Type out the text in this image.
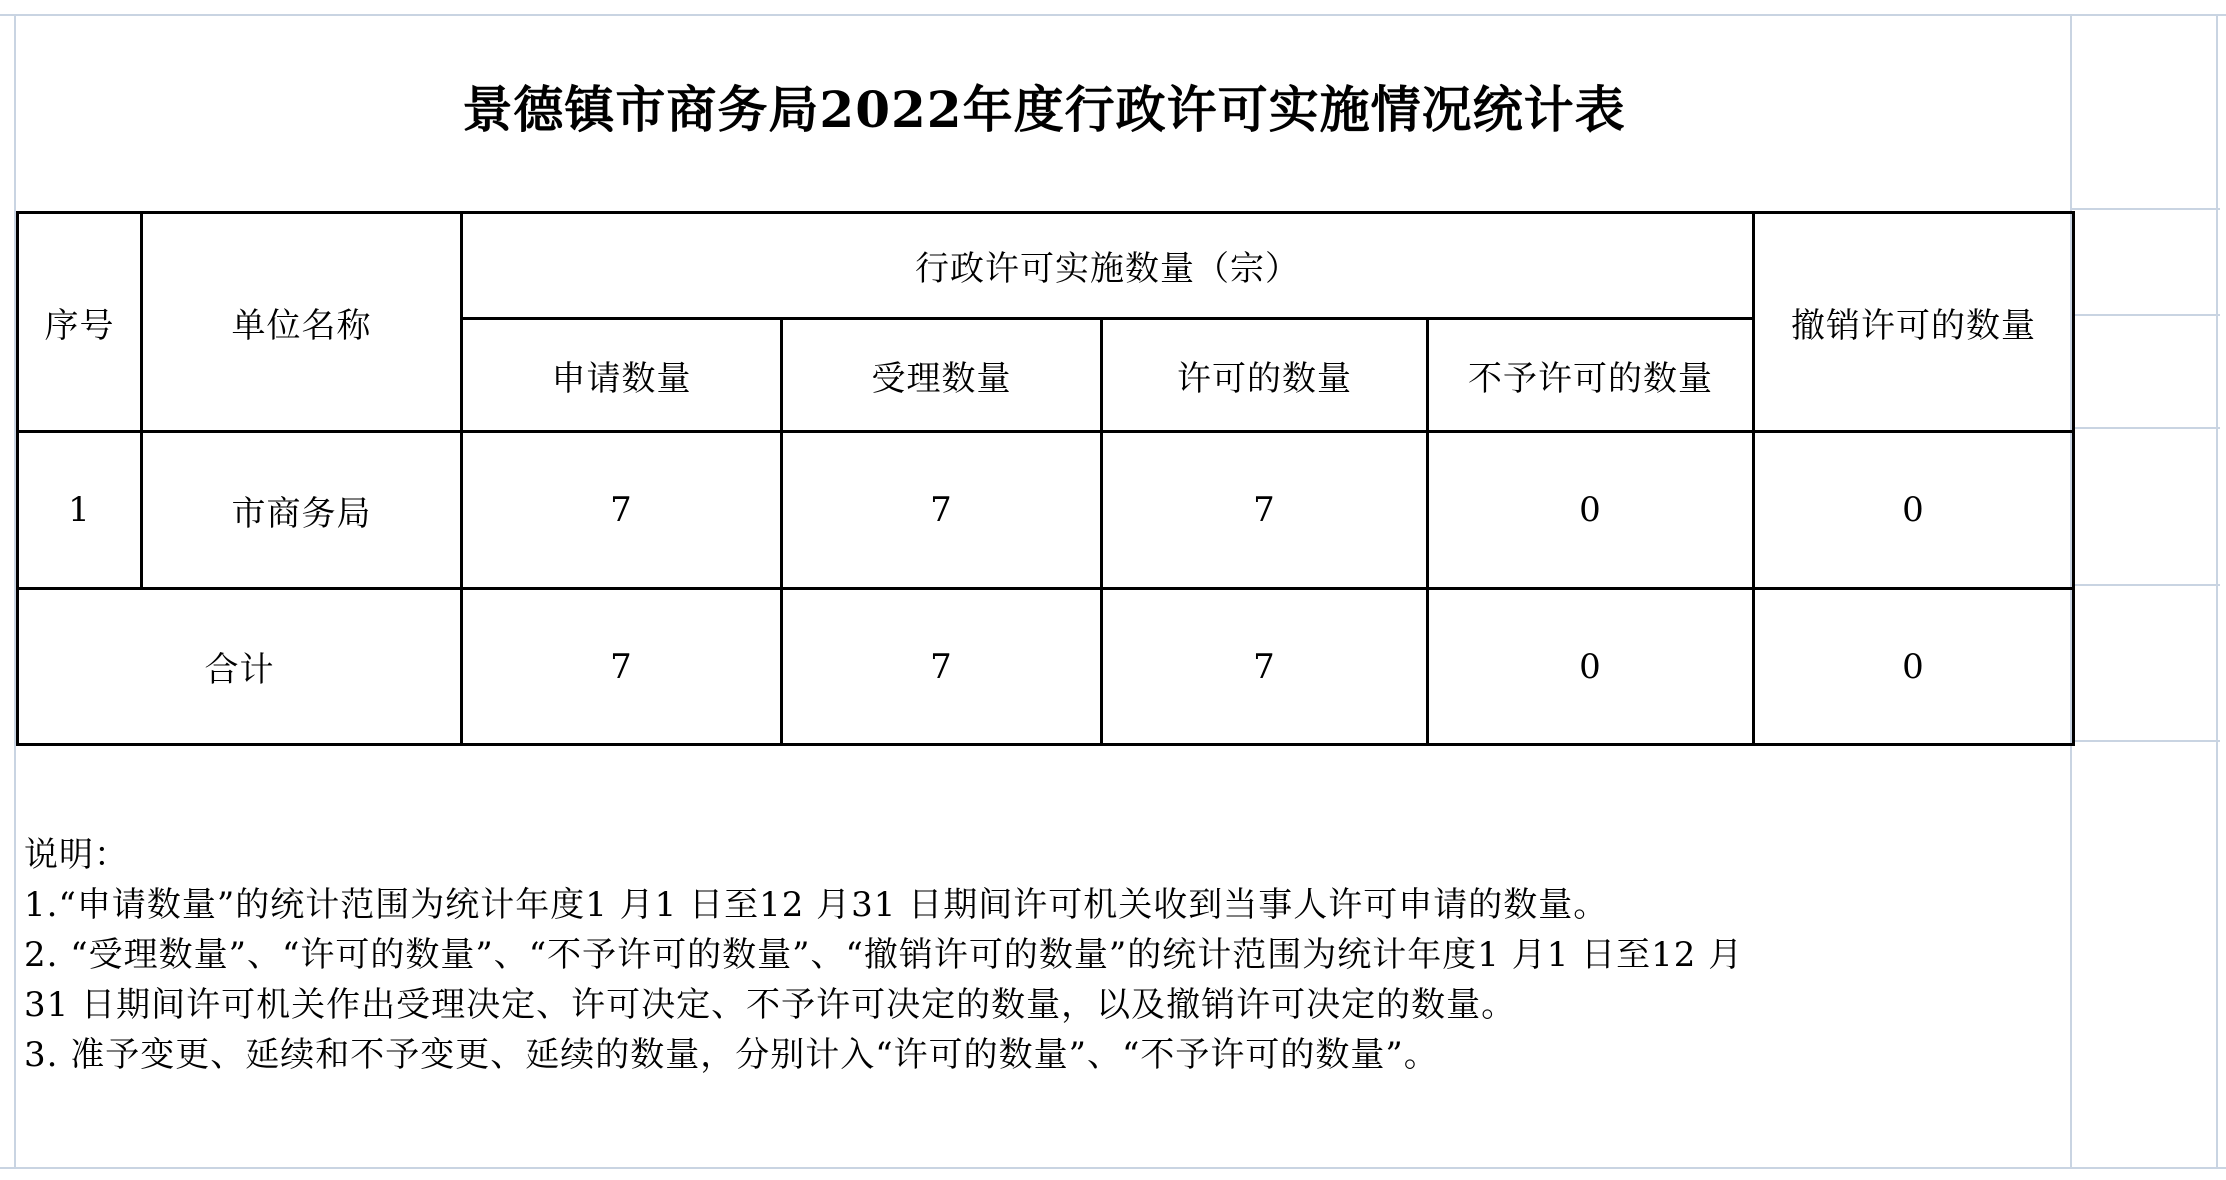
景德镇市商务局2022年度行政许可实施情况统计表
序号	单位名称	行政许可实施数量（宗）				撤销许可的数量
		申请数量	受理数量	许可的数量	不予许可的数量	
1	市商务局	7	7	7	0	0
合计		7	7	7	0	0

说明：

1.“申请数量”的统计范围为统计年度1 月1 日至12 月31 日期间许可机关收到当事人许可申请的数量。

2. “受理数量”、“许可的数量”、“不予许可的数量”、“撤销许可的数量”的统计范围为统计年度1 月1 日至12 月

31 日期间许可机关作出受理决定、许可决定、不予许可决定的数量，以及撤销许可决定的数量。

3. 准予变更、延续和不予变更、延续的数量，分别计入“许可的数量”、“不予许可的数量”。
